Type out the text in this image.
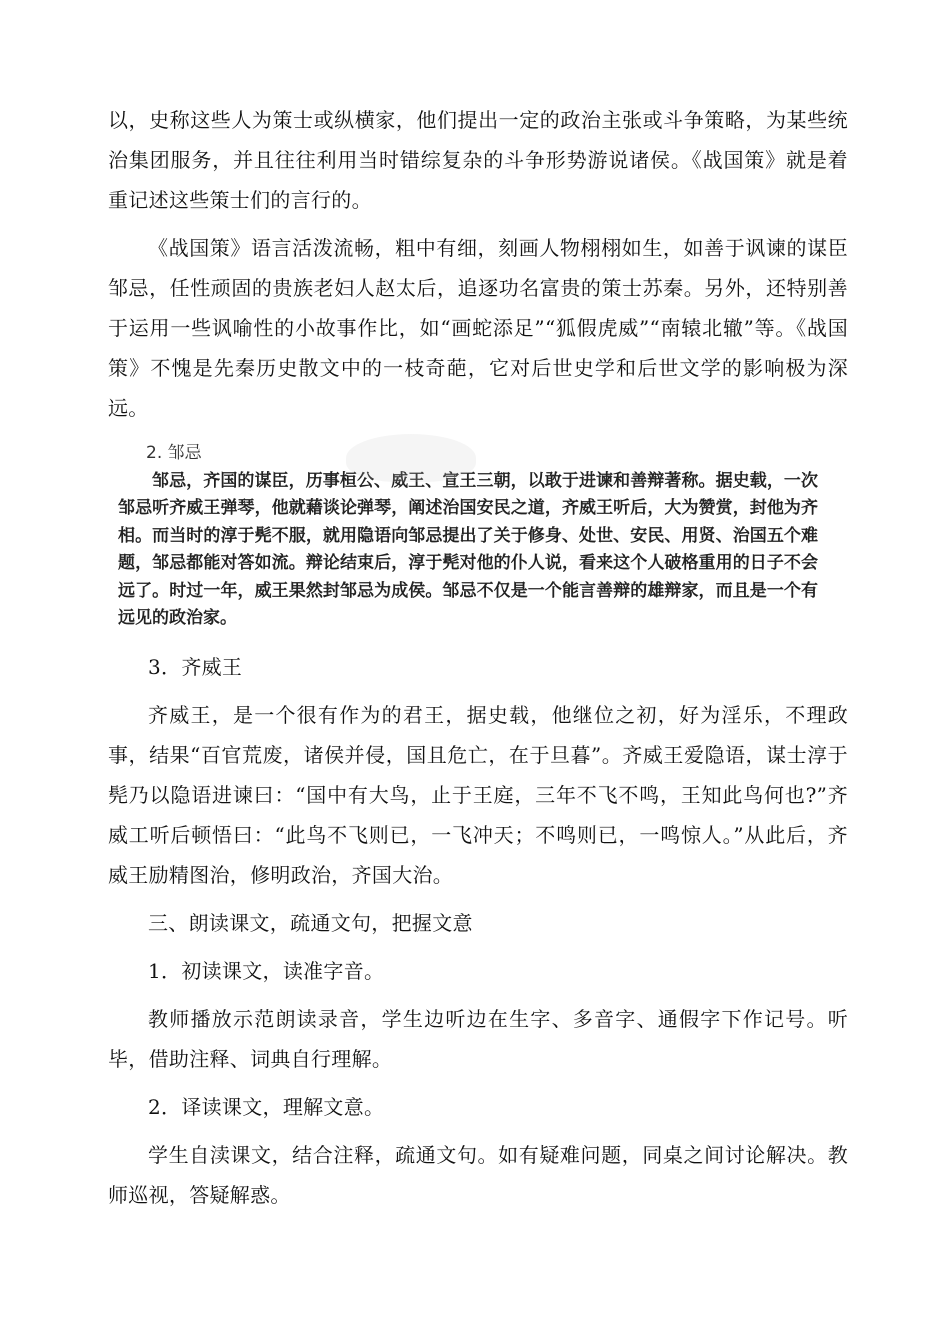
以，史称这些人为策士或纵横家，他们提出一定的政治主张或斗争策略，为某些统治集团服务，并且往往利用当时错综复杂的斗争形势游说诸侯。《战国策》就是着重记述这些策士们的言行的。

《战国策》语言活泼流畅，粗中有细，刻画人物栩栩如生，如善于讽谏的谋臣邹忌，任性顽固的贵族老妇人赵太后，追逐功名富贵的策士苏秦。另外，还特别善于运用一些讽喻性的小故事作比，如“画蛇添足”“狐假虎威”“南辕北辙”等。《战国策》不愧是先秦历史散文中的一枝奇葩，它对后世史学和后世文学的影响极为深远。

2. 邹忌
邹忌，齐国的谋臣，历事桓公、威王、宣王三朝，以敢于进谏和善辩著称。据史载，一次邹忌听齐威王弹琴，他就藉谈论弹琴，阐述治国安民之道，齐威王听后，大为赞赏，封他为齐相。而当时的淳于髡不服，就用隐语向邹忌提出了关于修身、处世、安民、用贤、治国五个难题，邹忌都能对答如流。辩论结束后，淳于髡对他的仆人说，看来这个人破格重用的日子不会远了。时过一年，威王果然封邹忌为成侯。邹忌不仅是一个能言善辩的雄辩家，而且是一个有远见的政治家。

3．齐威王

齐威王，是一个很有作为的君王，据史载，他继位之初，好为淫乐，不理政事，结果“百官荒废，诸侯并侵，国且危亡，在于旦暮”。齐威王爱隐语，谋士淳于髡乃以隐语进谏曰：“国中有大鸟，止于王庭，三年不飞不鸣，王知此鸟何也?”齐威工听后顿悟曰：“此鸟不飞则已，一飞冲天；不鸣则已，一鸣惊人。”从此后，齐威王励精图治，修明政治，齐国大治。

三、朗读课文，疏通文句，把握文意

1．初读课文，读准字音。

教师播放示范朗读录音，学生边听边在生字、多音字、通假字下作记号。听毕，借助注释、词典自行理解。

2．译读课文，理解文意。

学生自渎课文，结合注释，疏通文句。如有疑难问题，同桌之间讨论解决。教师巡视，答疑解惑。
